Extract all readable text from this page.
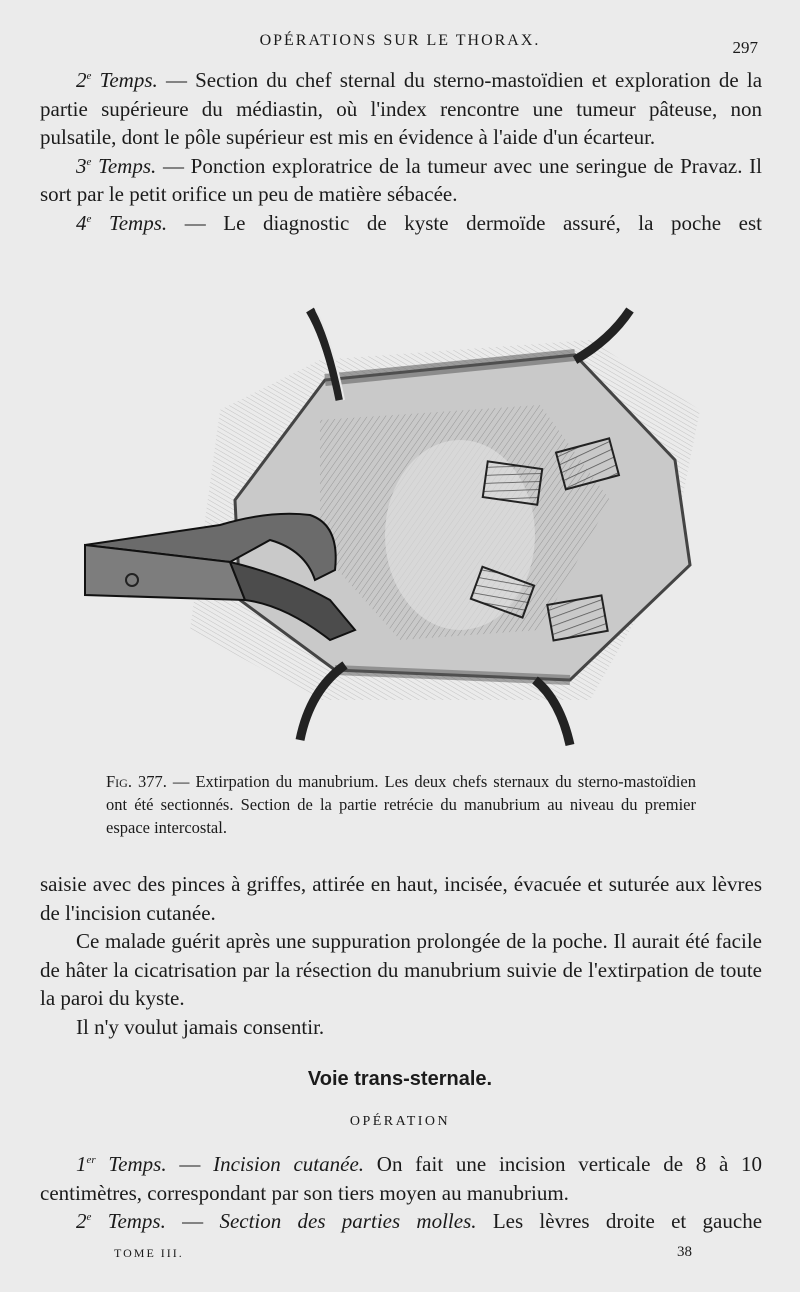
OPÉRATIONS SUR LE THORAX.	297

2e Temps. — Section du chef sternal du sterno-mastoïdien et exploration de la partie supérieure du médiastin, où l'index rencontre une tumeur pâteuse, non pulsatile, dont le pôle supérieur est mis en évidence à l'aide d'un écarteur.

3e Temps. — Ponction exploratrice de la tumeur avec une seringue de Pravaz. Il sort par le petit orifice un peu de matière sébacée.

4e Temps. — Le diagnostic de kyste dermoïde assuré, la poche est

Fig. 377. — Extirpation du manubrium. Les deux chefs sternaux du sterno-mastoïdien ont été sectionnés. Section de la partie retrécie du manubrium au niveau du premier espace intercostal.

saisie avec des pinces à griffes, attirée en haut, incisée, évacuée et suturée aux lèvres de l'incision cutanée.

Ce malade guérit après une suppuration prolongée de la poche. Il aurait été facile de hâter la cicatrisation par la résection du manubrium suivie de l'extirpation de toute la paroi du kyste.

Il n'y voulut jamais consentir.

Voie trans-sternale.
OPÉRATION

1er Temps. — Incision cutanée. On fait une incision verticale de 8 à 10 centimètres, correspondant par son tiers moyen au manubrium.

2e Temps. — Section des parties molles. Les lèvres droite et gauche

TOME III.	38
